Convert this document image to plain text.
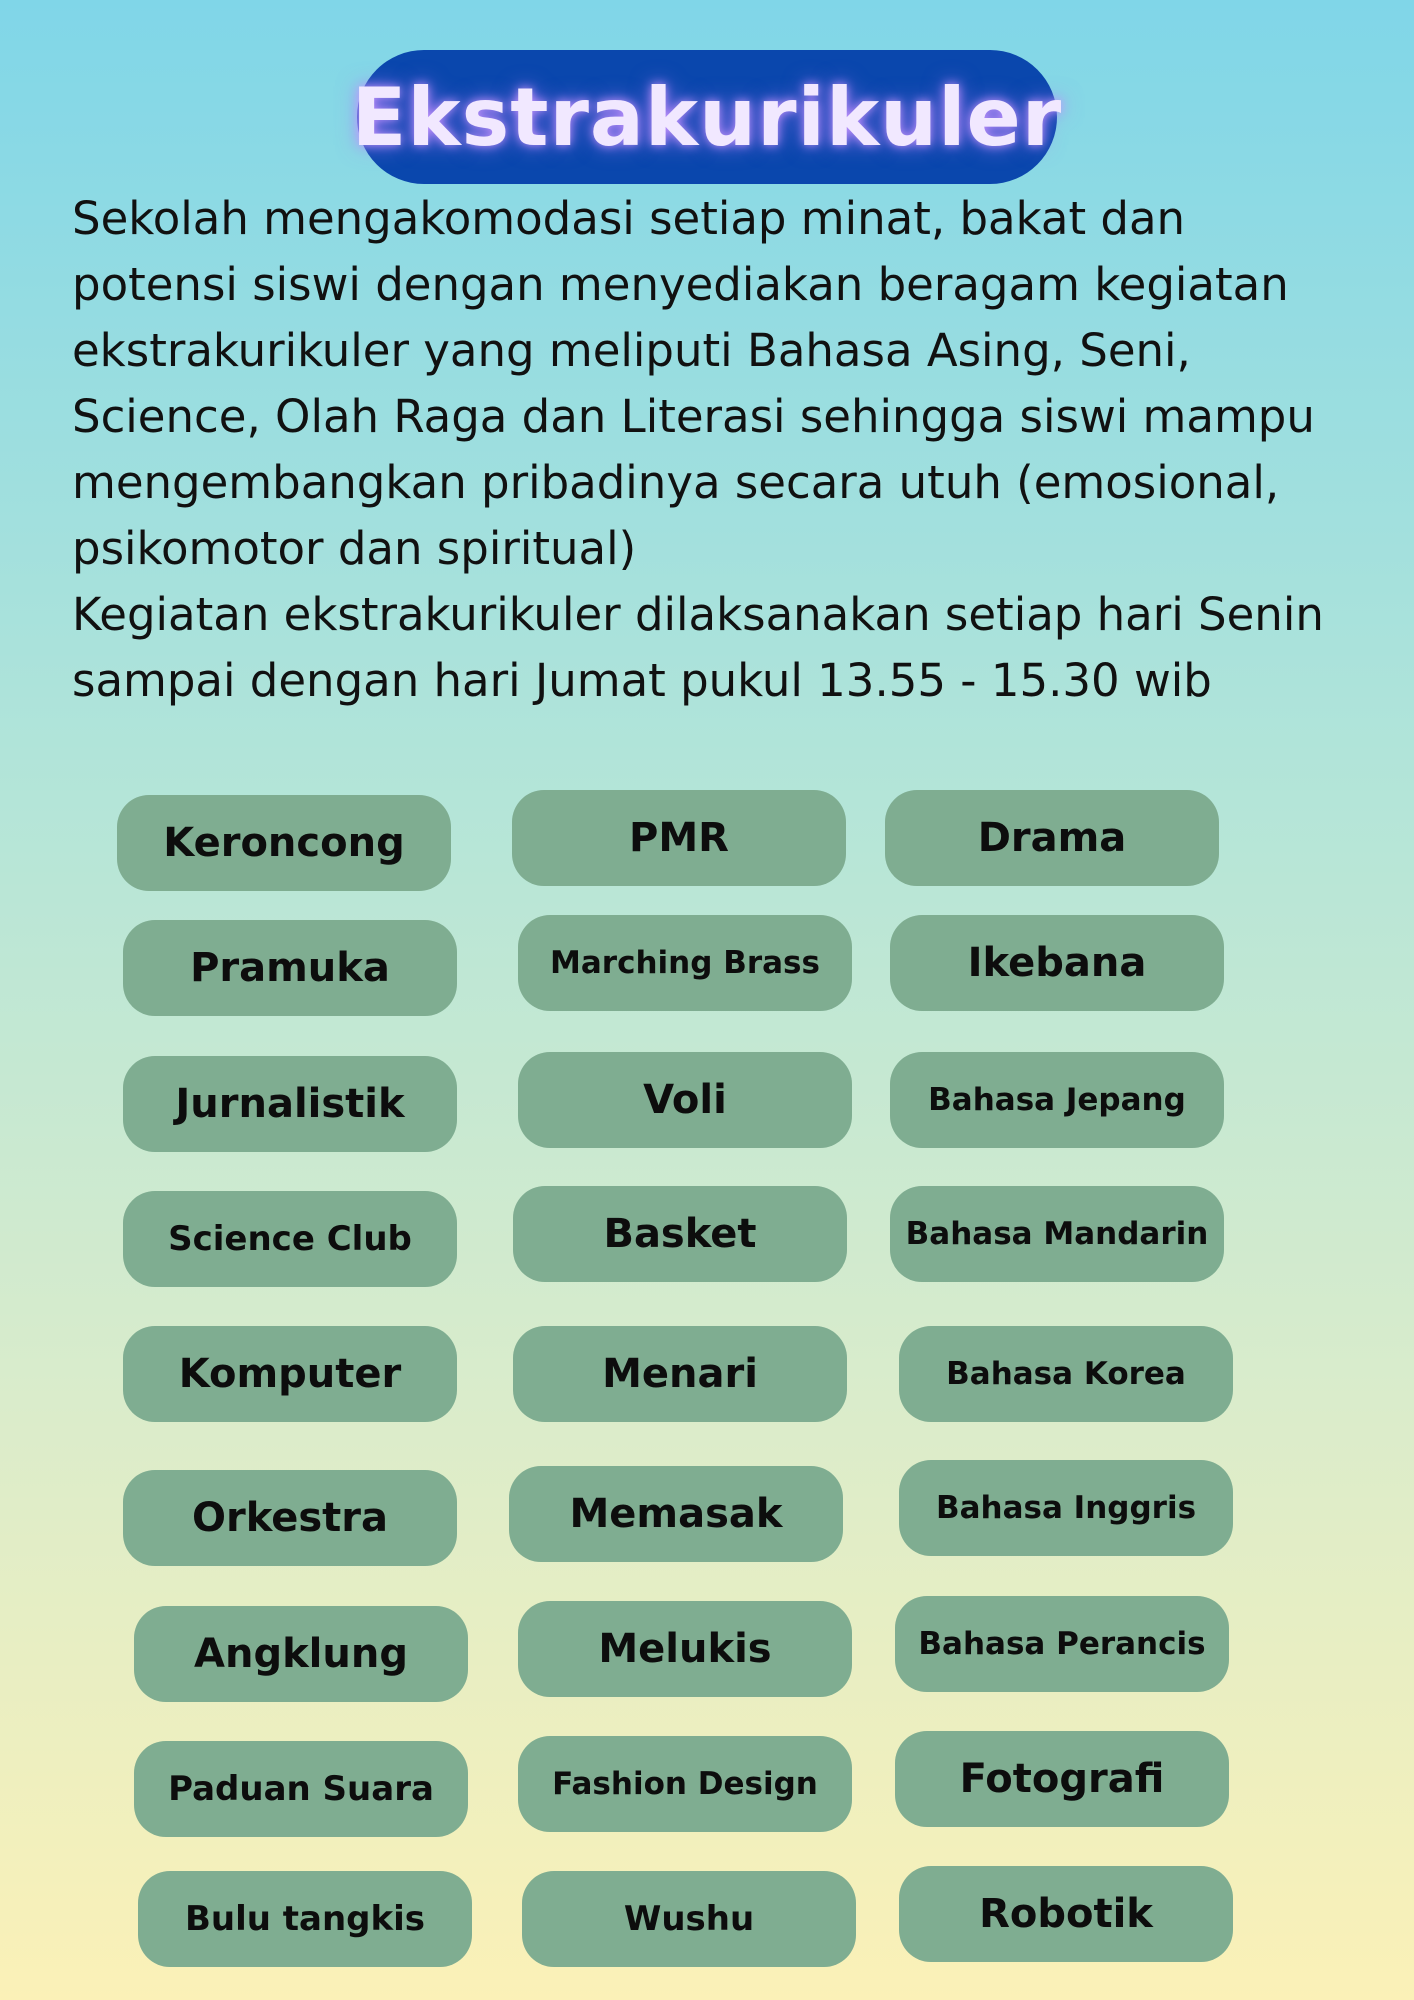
Ekstrakurikuler

Sekolah mengakomodasi setiap minat, bakat dan

potensi siswi dengan menyediakan beragam kegiatan

ekstrakurikuler yang meliputi Bahasa Asing, Seni,

Science, Olah Raga dan Literasi sehingga siswi mampu

mengembangkan pribadinya secara utuh (emosional,

psikomotor dan spiritual)

Kegiatan ekstrakurikuler dilaksanakan setiap hari Senin

sampai dengan hari Jumat pukul 13.55 - 15.30 wib

Keroncong
Pramuka
Jurnalistik
Science Club
Komputer
Orkestra
Angklung
Paduan Suara
Bulu tangkis
PMR
Marching Brass
Voli
Basket
Menari
Memasak
Melukis
Fashion Design
Wushu
Drama
Ikebana
Bahasa Jepang
Bahasa Mandarin
Bahasa Korea
Bahasa Inggris
Bahasa Perancis
Fotografi
Robotik
